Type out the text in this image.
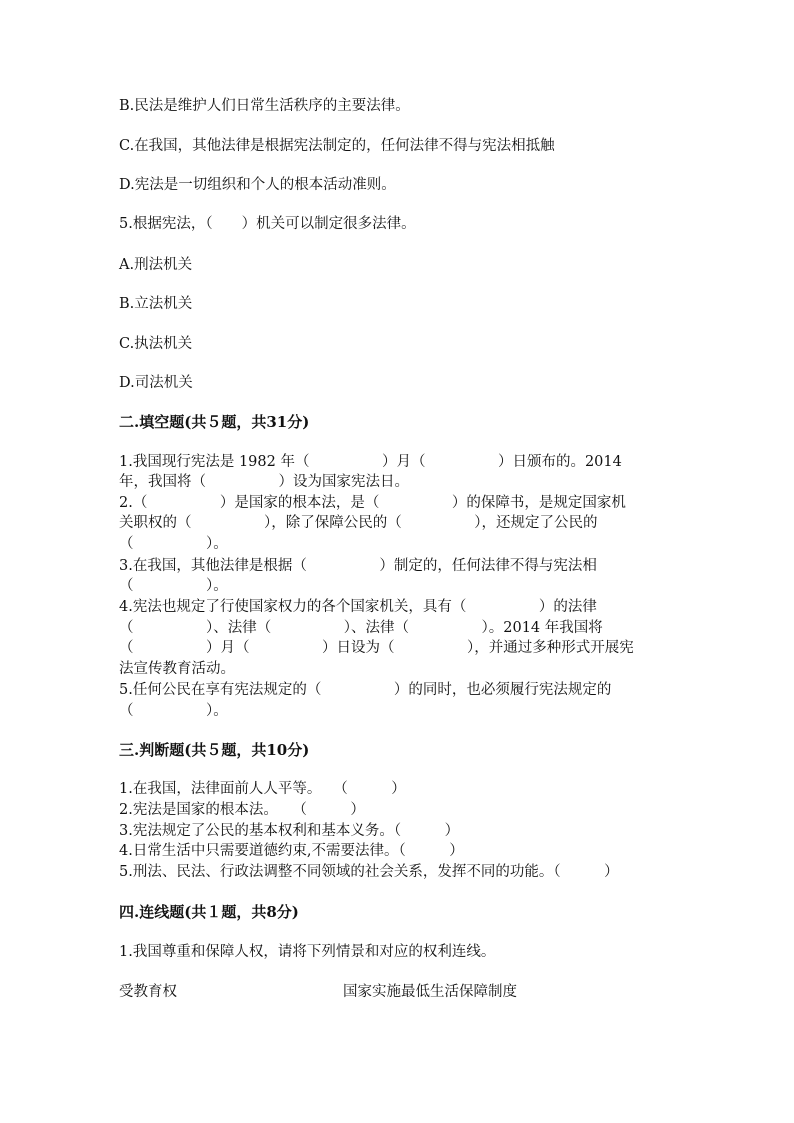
B.民法是维护人们日常生活秩序的主要法律。
C.在我国，其他法律是根据宪法制定的，任何法律不得与宪法相抵触
D.宪法是一切组织和个人的根本活动准则。
5.根据宪法，（　　）机关可以制定很多法律。
A.刑法机关
B.立法机关
C.执法机关
D.司法机关
二.填空题(共５题，共31分)
1.我国现行宪法是 1982 年（　　　　　）月（　　　　　）日颁布的。2014
年，我国将（　　　　　）设为国家宪法日。
2.（　　　　　）是国家的根本法，是（　　　　　）的保障书，是规定国家机
关职权的（　　　　　），除了保障公民的（　　　　　），还规定了公民的
（　　　　　）。
3.在我国，其他法律是根据（　　　　　）制定的，任何法律不得与宪法相
（　　　　　）。
4.宪法也规定了行使国家权力的各个国家机关，具有（　　　　　）的法律
（　　　　　）、法律（　　　　　）、法律（　　　　　）。2014 年我国将
（　　　　　）月（　　　　　）日设为（　　　　　），并通过多种形式开展宪
法宣传教育活动。
5.任何公民在享有宪法规定的（　　　　　）的同时，也必须履行宪法规定的
（　　　　　）。
三.判断题(共５题，共10分)
1.在我国，法律面前人人平等。　 （　　　）
2.宪法是国家的根本法。　　（　　　）
3.宪法规定了公民的基本权利和基本义务。（　　　）
4.日常生活中只需要道德约束,不需要法律。（　　　）
5.刑法、民法、行政法调整不同领域的社会关系，发挥不同的功能。（　　　）
四.连线题(共１题，共8分)
1.我国尊重和保障人权，请将下列情景和对应的权利连线。
受教育权	国家实施最低生活保障制度
